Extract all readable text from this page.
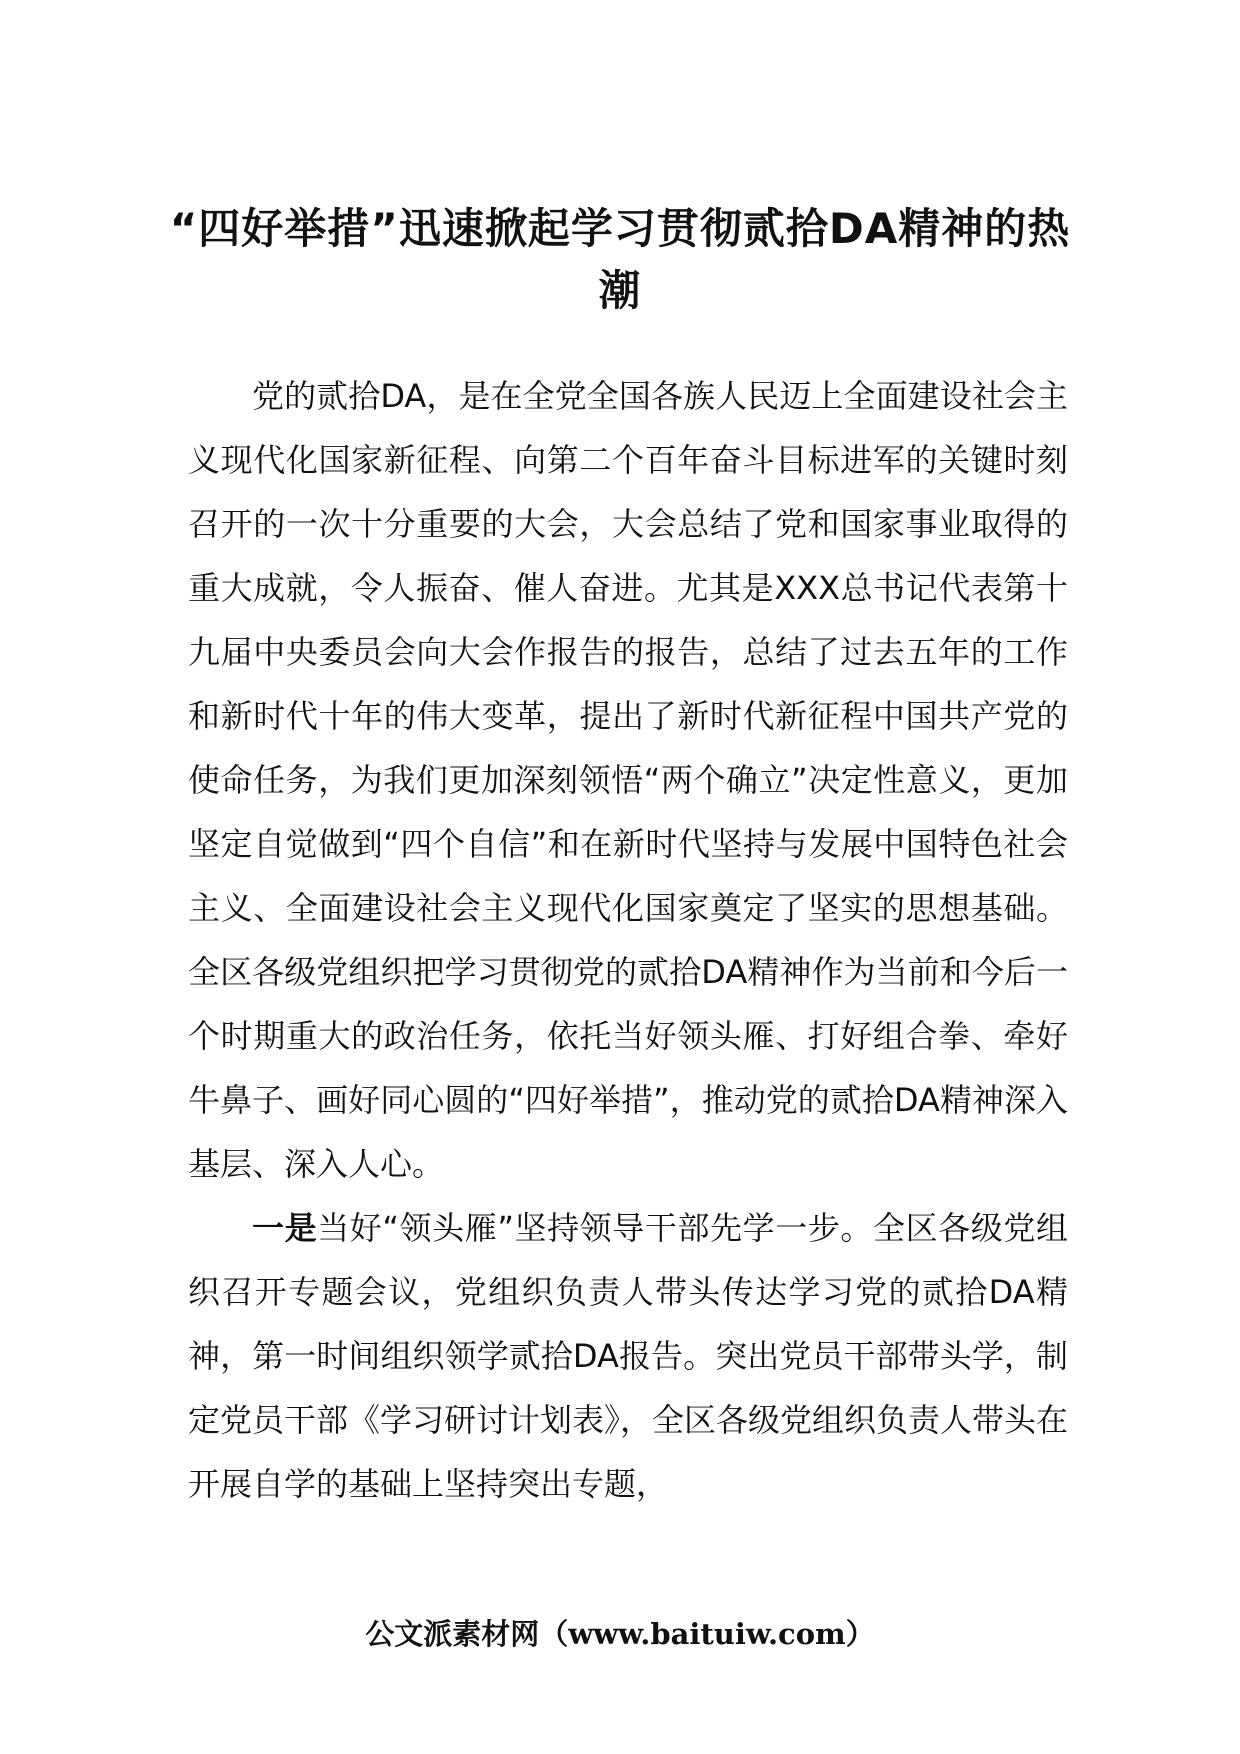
“四好举措”迅速掀起学习贯彻贰拾DA精神的热潮

党的贰拾DA，是在全党全国各族人民迈上全面建设社会主义现代化国家新征程、向第二个百年奋斗目标进军的关键时刻召开的一次十分重要的大会，大会总结了党和国家事业取得的重大成就，令人振奋、催人奋进。尤其是XXX总书记代表第十九届中央委员会向大会作报告的报告，总结了过去五年的工作和新时代十年的伟大变革，提出了新时代新征程中国共产党的使命任务，为我们更加深刻领悟“两个确立”决定性意义，更加坚定自觉做到“四个自信”和在新时代坚持与发展中国特色社会主义、全面建设社会主义现代化国家奠定了坚实的思想基础。全区各级党组织把学习贯彻党的贰拾DA精神作为当前和今后一个时期重大的政治任务，依托当好领头雁、打好组合拳、牵好牛鼻子、画好同心圆的“四好举措”，推动党的贰拾DA精神深入基层、深入人心。

一是当好“领头雁”坚持领导干部先学一步。全区各级党组织召开专题会议，党组织负责人带头传达学习党的贰拾DA精神，第一时间组织领学贰拾DA报告。突出党员干部带头学，制定党员干部《学习研讨计划表》，全区各级党组织负责人带头在开展自学的基础上坚持突出专题，

公文派素材网（www.baituiw.com）
